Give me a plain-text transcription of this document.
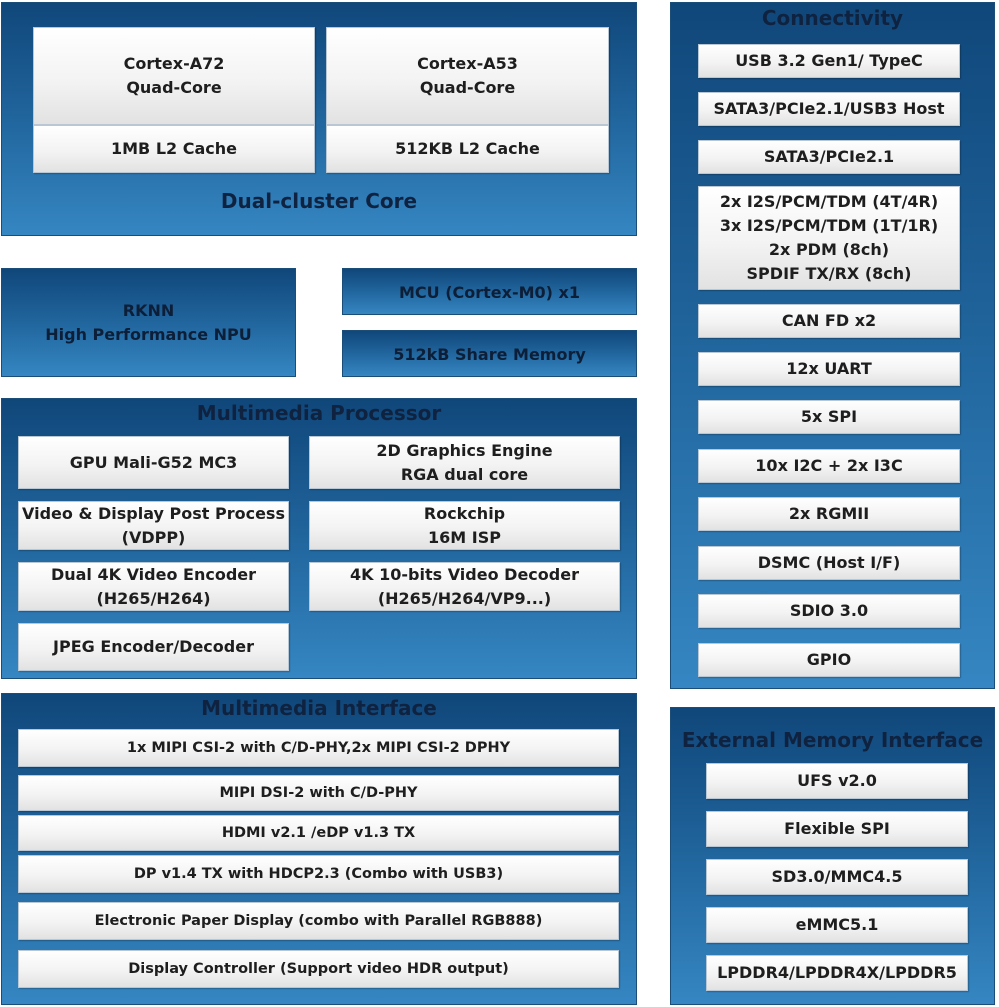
Cortex-A72
Quad-Core
1MB L2 Cache
Cortex-A53
Quad-Core
512KB L2 Cache
Dual-cluster Core
RKNN
High Performance NPU
MCU (Cortex-M0) x1
512kB Share Memory
Multimedia Processor
GPU Mali-G52 MC3
2D Graphics Engine
RGA dual core
Video & Display Post Process
(VDPP)
Rockchip
16M ISP
Dual 4K Video Encoder
(H265/H264)
4K 10-bits Video Decoder
(H265/H264/VP9...)
JPEG Encoder/Decoder
Multimedia Interface
1x MIPI CSI-2 with C/D-PHY,2x MIPI CSI-2 DPHY
MIPI DSI-2 with C/D-PHY
HDMI v2.1 /eDP v1.3 TX
DP v1.4 TX with HDCP2.3 (Combo with USB3)
Electronic Paper Display (combo with Parallel RGB888)
Display Controller (Support video HDR output)
Connectivity
USB 3.2 Gen1/ TypeC
SATA3/PCIe2.1/USB3 Host
SATA3/PCIe2.1
2x I2S/PCM/TDM (4T/4R)
3x I2S/PCM/TDM (1T/1R)
2x PDM (8ch)
SPDIF TX/RX (8ch)
CAN FD x2
12x UART
5x SPI
10x I2C + 2x I3C
2x RGMII
DSMC (Host I/F)
SDIO 3.0
GPIO
External Memory Interface
UFS v2.0
Flexible SPI
SD3.0/MMC4.5
eMMC5.1
LPDDR4/LPDDR4X/LPDDR5
